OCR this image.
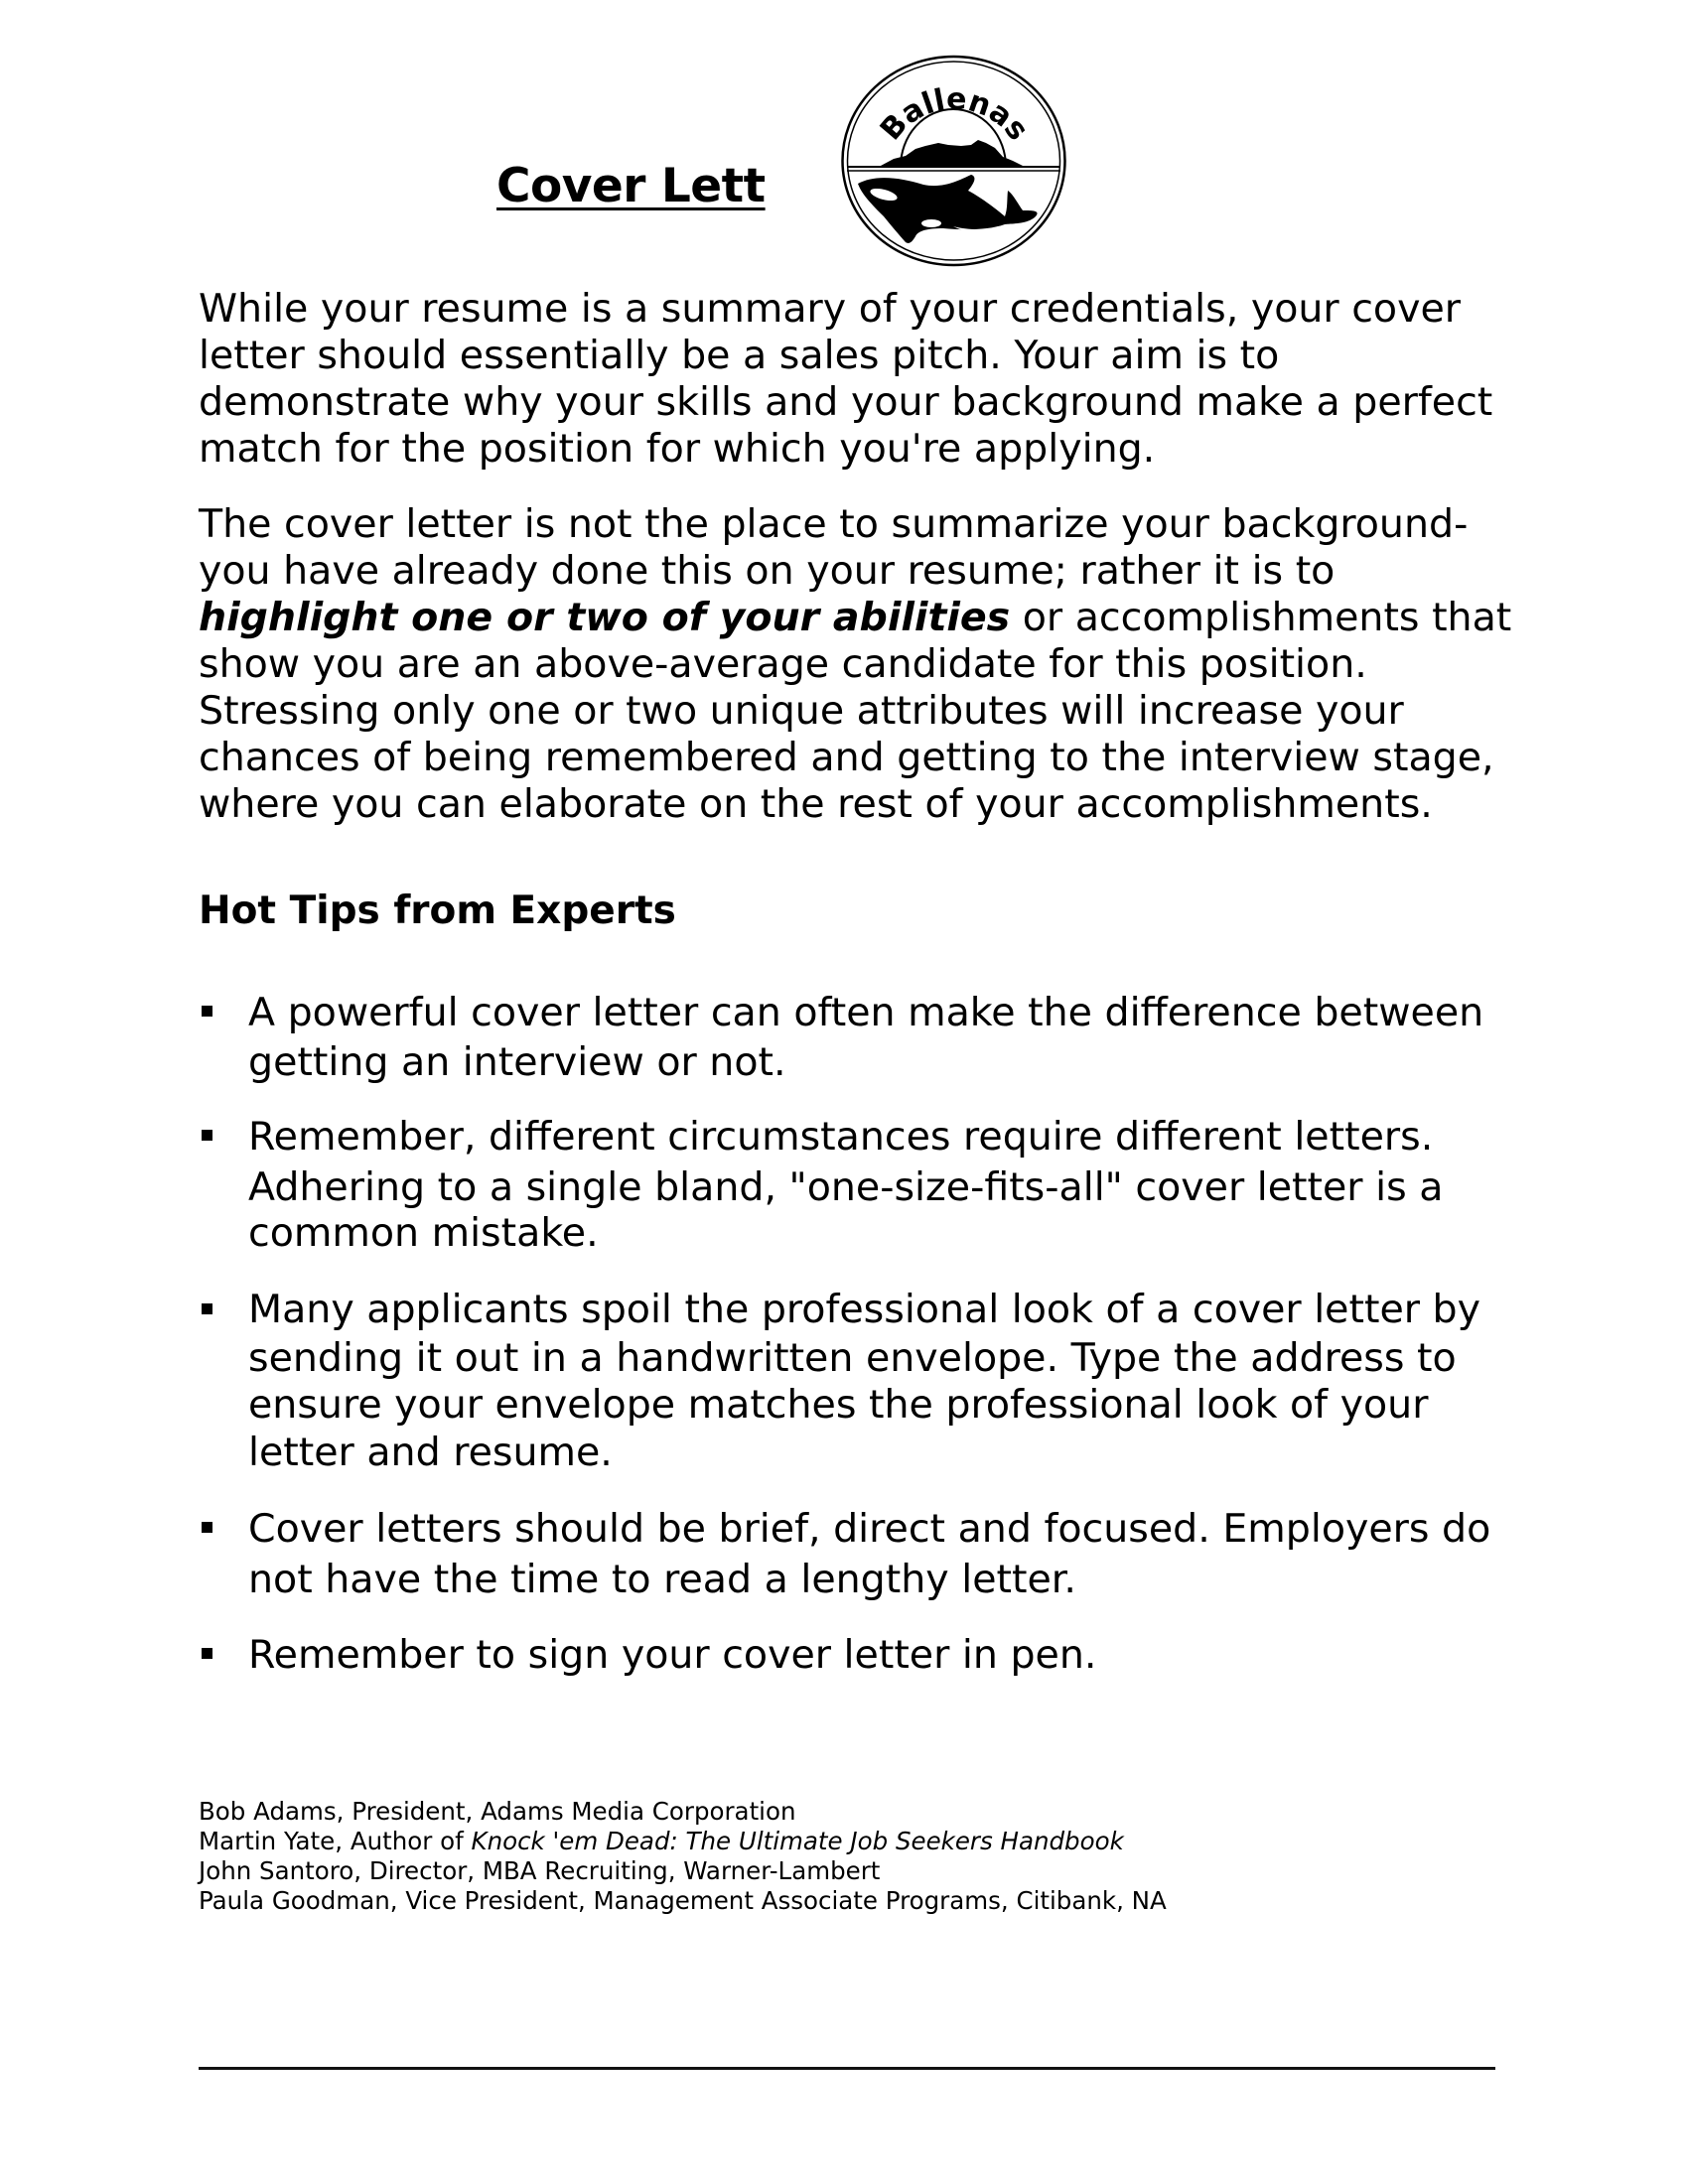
Cover Lett
Ballenas
While your resume is a summary of your credentials, your cover
letter should essentially be a sales pitch. Your aim is to
demonstrate why your skills and your background make a perfect
match for the position for which you're applying.
The cover letter is not the place to summarize your background-
you have already done this on your resume; rather it is to
highlight one or two of your abilities or accomplishments that
show you are an above-average candidate for this position.
Stressing only one or two unique attributes will increase your
chances of being remembered and getting to the interview stage,
where you can elaborate on the rest of your accomplishments.
Hot Tips from Experts
A powerful cover letter can often make the difference between
getting an interview or not.
Remember, different circumstances require different letters.
Adhering to a single bland, "one-size-fits-all" cover letter is a
common mistake.
Many applicants spoil the professional look of a cover letter by
sending it out in a handwritten envelope. Type the address to
ensure your envelope matches the professional look of your
letter and resume.
Cover letters should be brief, direct and focused. Employers do
not have the time to read a lengthy letter.
Remember to sign your cover letter in pen.
Bob Adams, President, Adams Media Corporation
Martin Yate, Author of Knock 'em Dead: The Ultimate Job Seekers Handbook
John Santoro, Director, MBA Recruiting, Warner-Lambert
Paula Goodman, Vice President, Management Associate Programs, Citibank, NA
